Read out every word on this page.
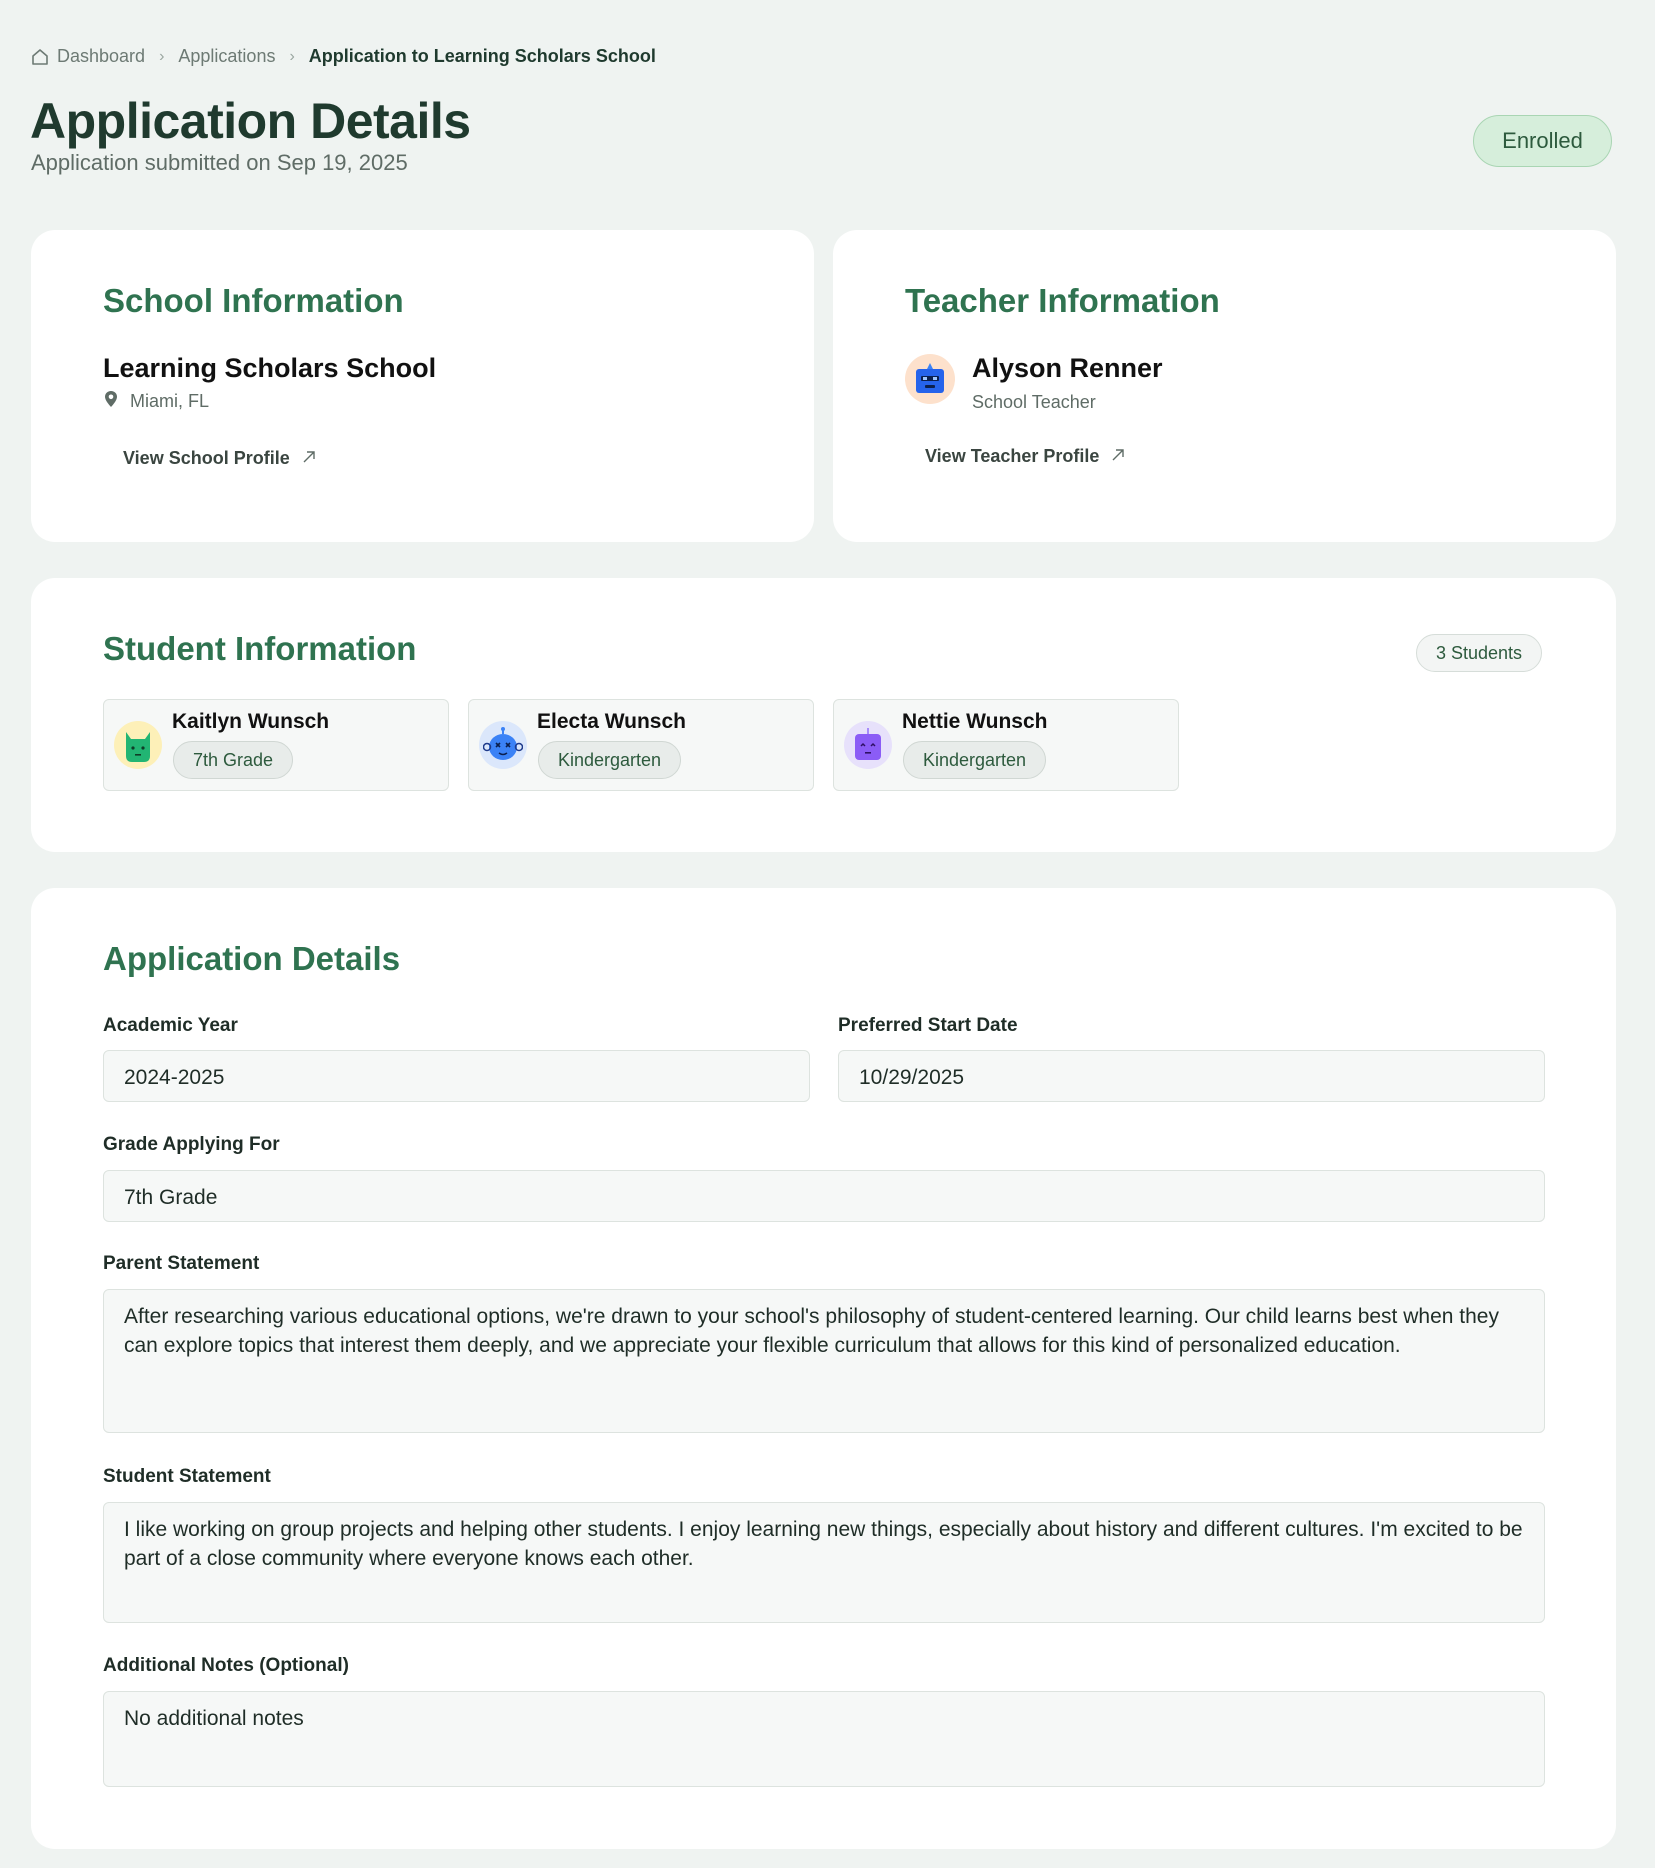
Dashboard › Applications › Application to Learning Scholars School
Application Details
Application submitted on Sep 19, 2025
Enrolled
School Information
Learning Scholars School
Miami, FL
View School Profile
Teacher Information
Alyson Renner
School Teacher
View Teacher Profile
Student Information	3 Students
Kaitlyn Wunsch
7th Grade
Electa Wunsch
Kindergarten
Nettie Wunsch
Kindergarten
Application Details
Academic Year
2024-2025
Preferred Start Date
10/29/2025
Grade Applying For
7th Grade
Parent Statement
After researching various educational options, we're drawn to your school's philosophy of student-centered learning. Our child learns best when they can explore topics that interest them deeply, and we appreciate your flexible curriculum that allows for this kind of personalized education.
Student Statement
I like working on group projects and helping other students. I enjoy learning new things, especially about history and different cultures. I'm excited to be part of a close community where everyone knows each other.
Additional Notes (Optional)
No additional notes
